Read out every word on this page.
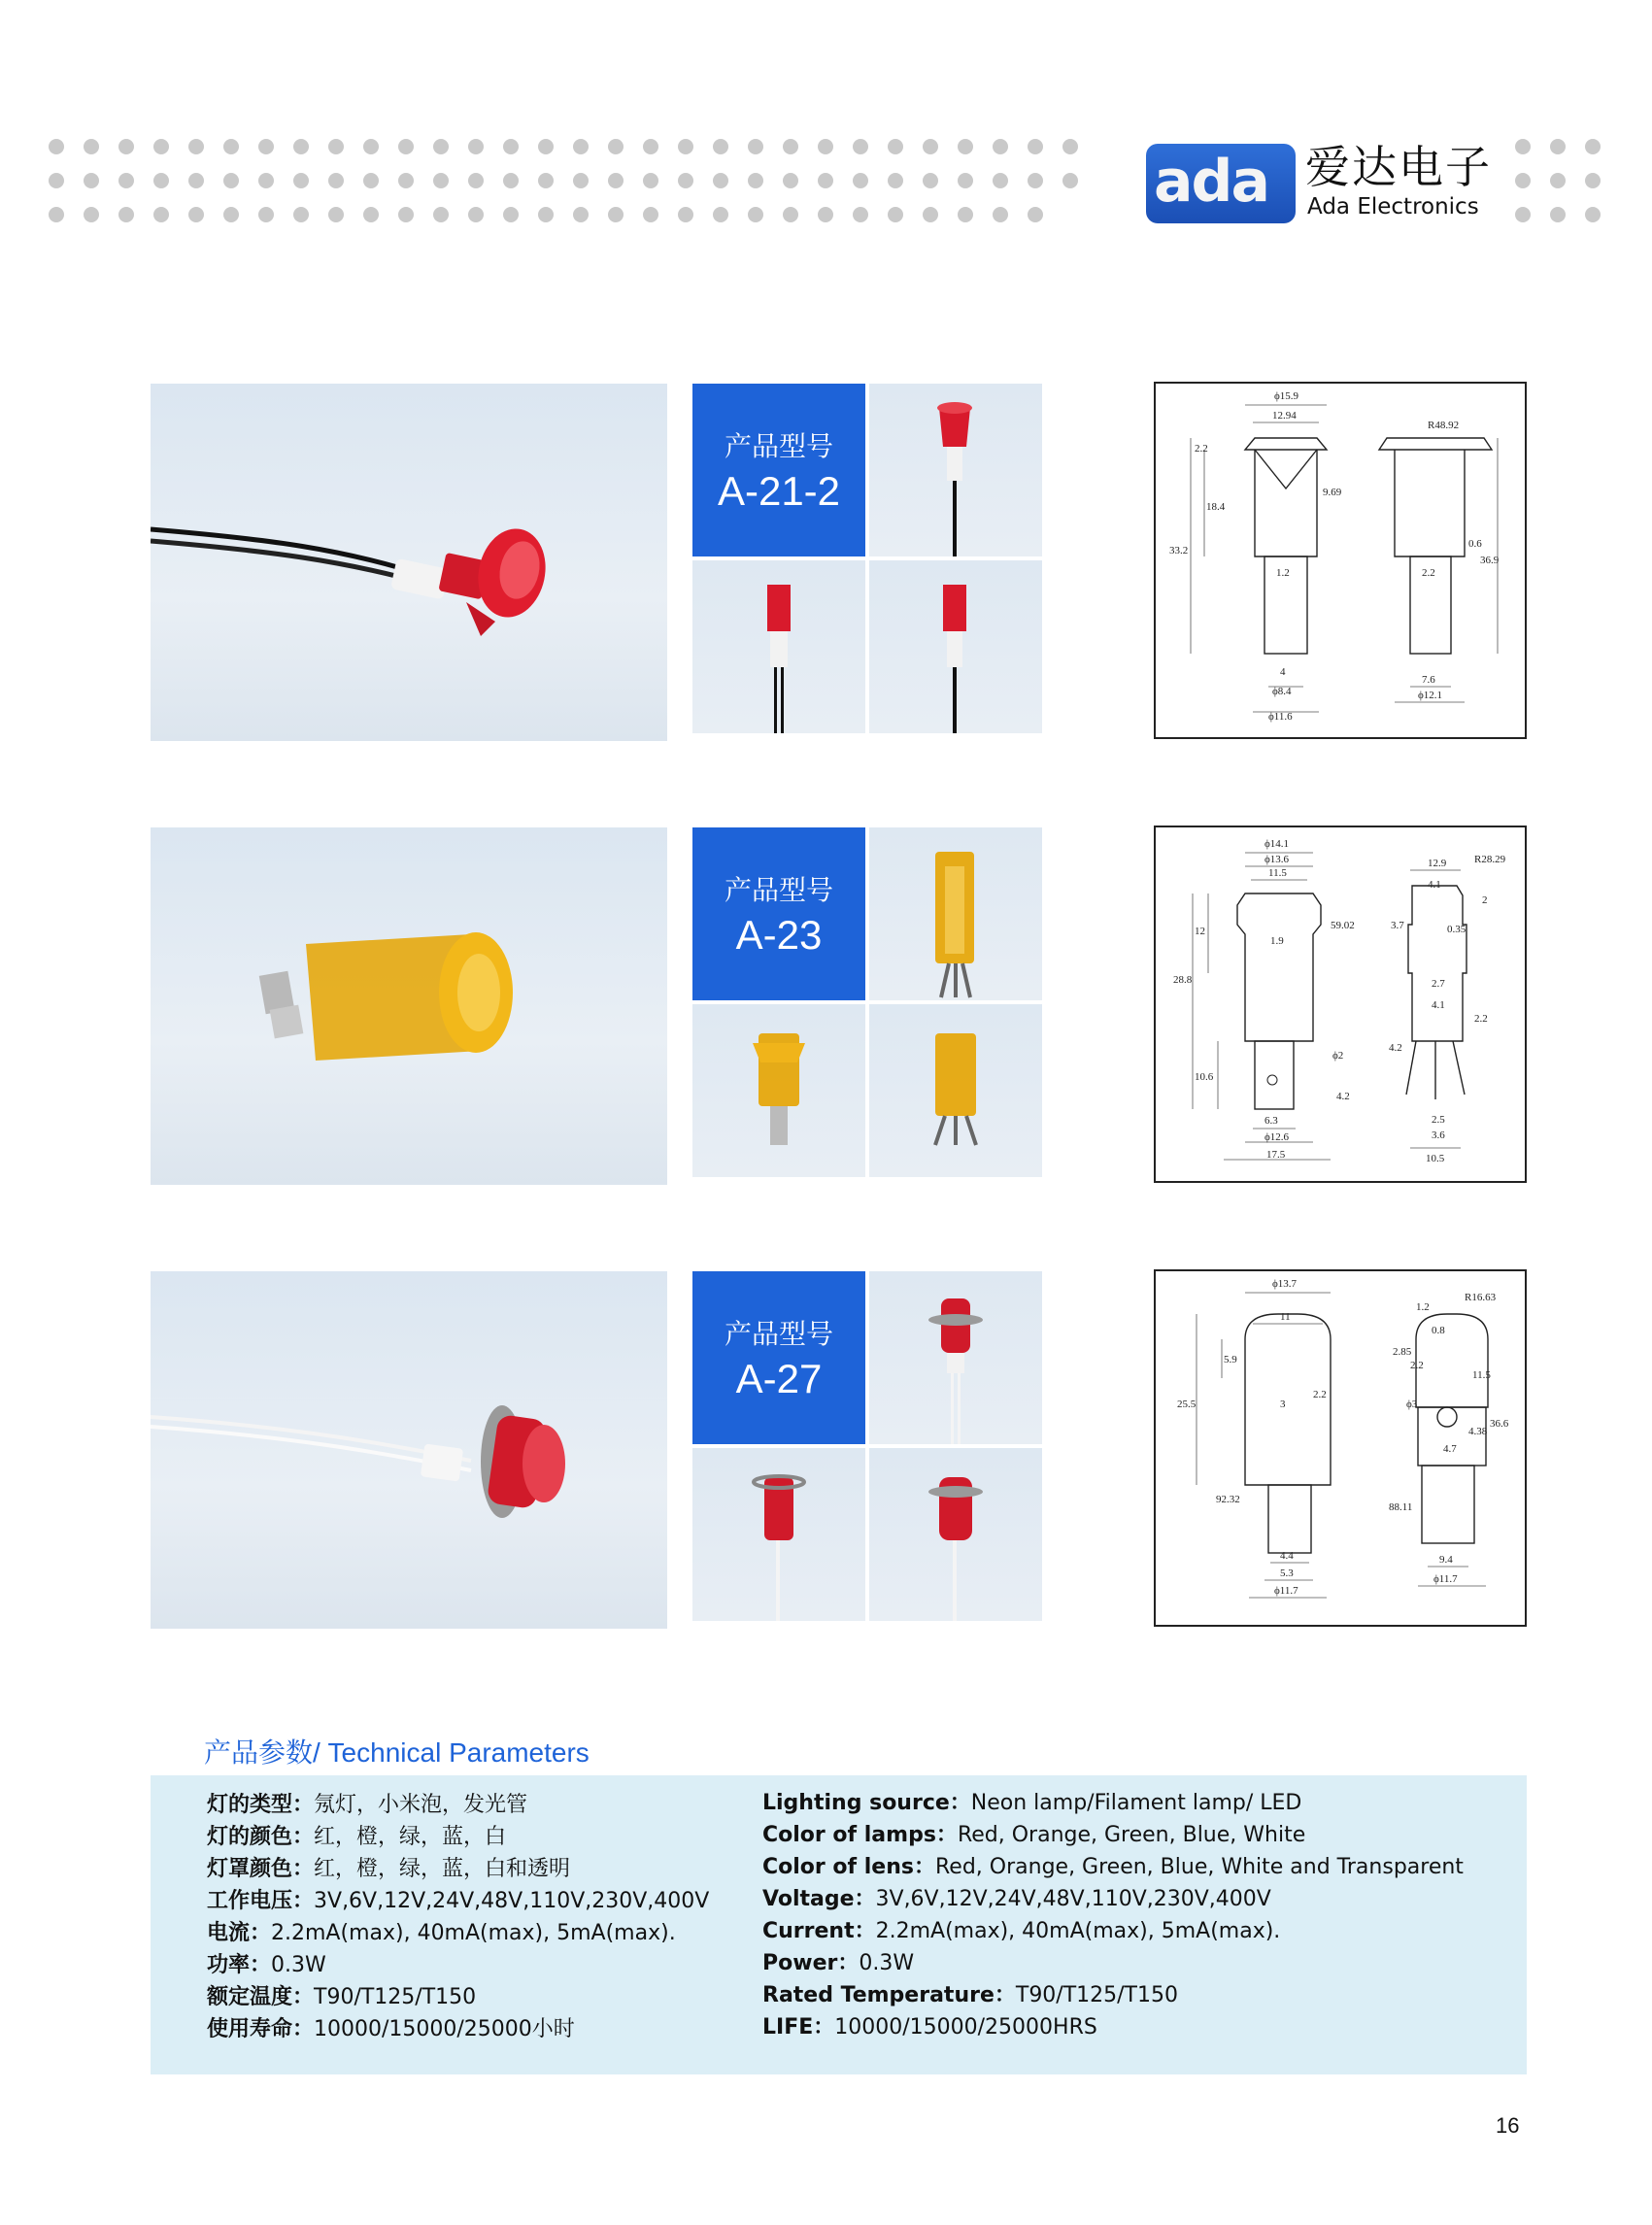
ada 爱达电子
Ada Electronics
产品型号
A-21-2
ϕ15.9
12.94
2.2
18.4
33.2
9.69
1.2
4
ϕ8.4
ϕ11.6
R48.92
0.6
36.9
2.2
7.6
ϕ12.1
产品型号
A-23
ϕ14.1
ϕ13.6
11.5
12
28.8
1.9
59.02
10.6
ϕ2
6.3
ϕ12.6
17.5
4.2
12.9
4.1
R28.29
2
0.35
3.7
2.7
4.1
2.2
4.2
2.5
3.6
10.5
产品型号
A-27
ϕ13.7
11
5.9
25.5	3
2.2
92.32
4.4
5.3
ϕ11.7
1.2
R16.63
0.8
2.85
2.2
ϕ3
11.5
36.6
4.38
4.7
88.11
9.4
ϕ11.7
产品参数/ Technical Parameters
灯的类型：氖灯，小米泡，发光管
灯的颜色：红，橙，绿，蓝，白
灯罩颜色：红，橙，绿，蓝，白和透明
工作电压：3V,6V,12V,24V,48V,110V,230V,400V
电流：2.2mA(max), 40mA(max), 5mA(max).
功率：0.3W
额定温度：T90/T125/T150
使用寿命：10000/15000/25000小时
Lighting source：Neon lamp/Filament lamp/ LED
Color of lamps：Red, Orange, Green, Blue, White
Color of lens：Red, Orange, Green, Blue, White and Transparent
Voltage：3V,6V,12V,24V,48V,110V,230V,400V
Current：2.2mA(max), 40mA(max), 5mA(max).
Power：0.3W
Rated Temperature：T90/T125/T150
LIFE：10000/15000/25000HRS
16
